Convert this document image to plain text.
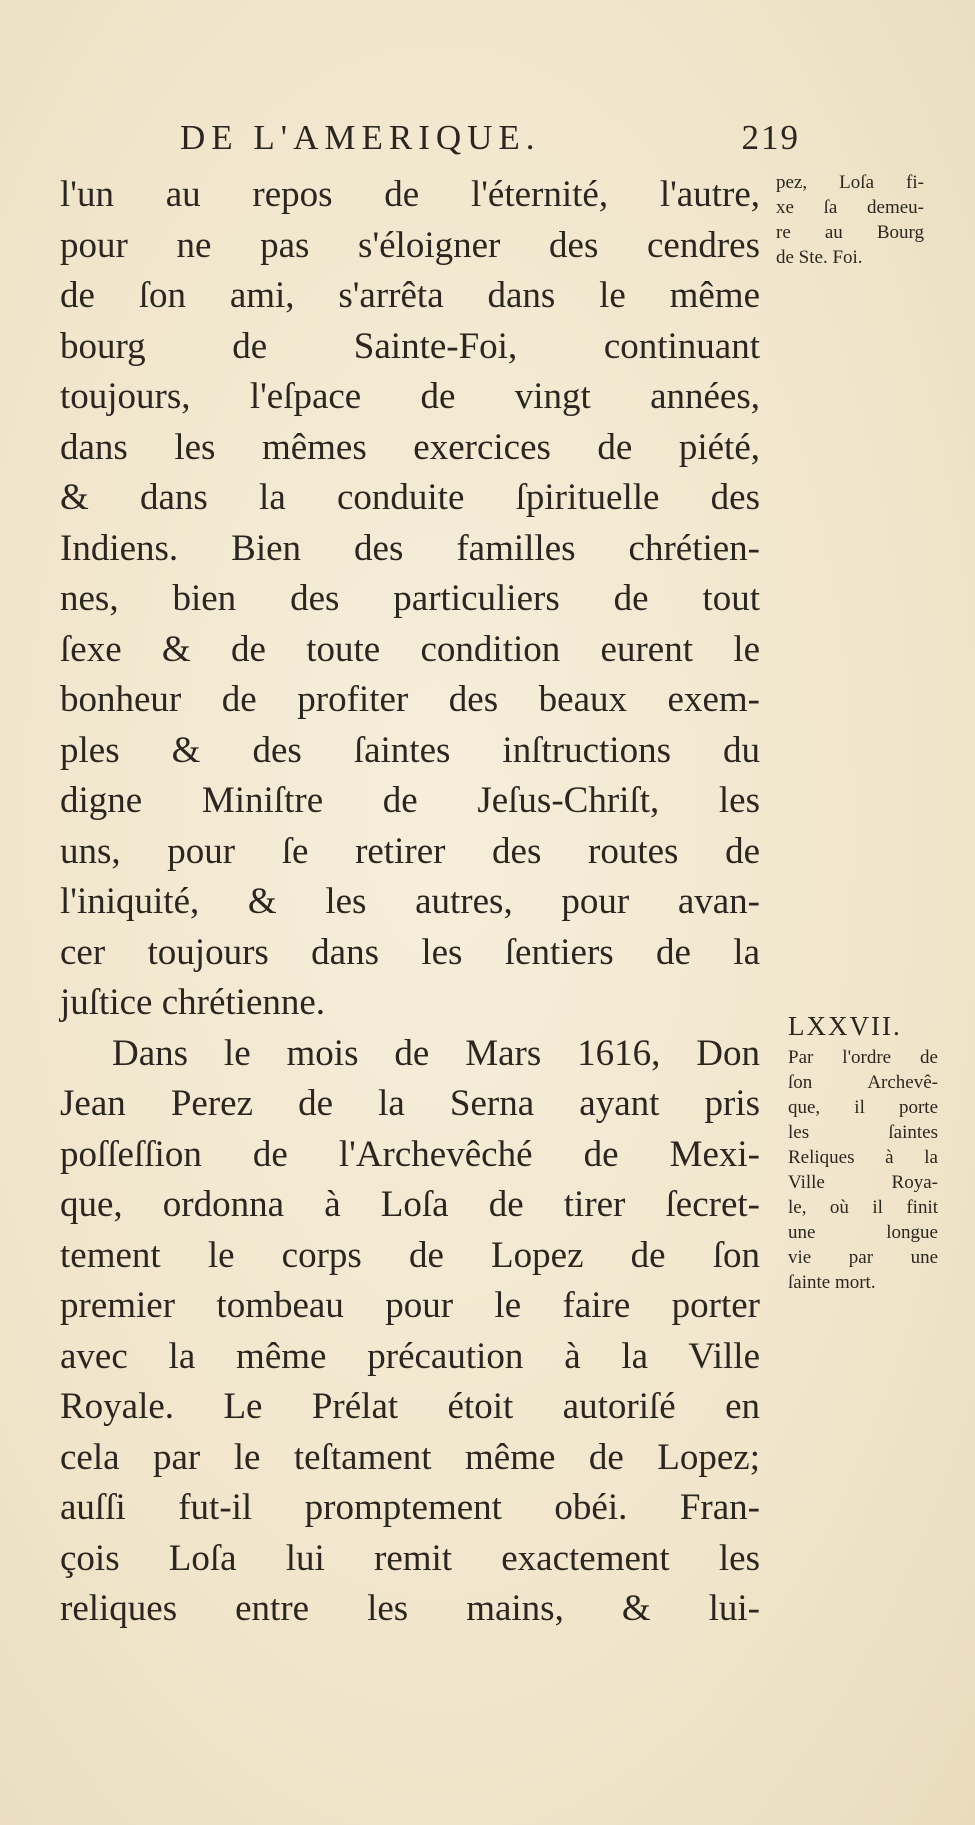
DE L'AMERIQUE.	219
l'un au repos de l'éternité, l'autre,
pour ne pas s'éloigner des cendres
de ſon ami, s'arrêta dans le même
bourg de Sainte-Foi, continuant
toujours, l'eſpace de vingt années,
dans les mêmes exercices de piété,
& dans la conduite ſpirituelle des
Indiens. Bien des familles chrétien-
nes, bien des particuliers de tout
ſexe & de toute condition eurent le
bonheur de profiter des beaux exem-
ples & des ſaintes inſtructions du
digne Miniſtre de Jeſus-Chriſt, les
uns, pour ſe retirer des routes de
l'iniquité, & les autres, pour avan-
cer toujours dans les ſentiers de la
juſtice chrétienne.
Dans le mois de Mars 1616, Don
Jean Perez de la Serna ayant pris
poſſeſſion de l'Archevêché de Mexi-
que, ordonna à Loſa de tirer ſecret-
tement le corps de Lopez de ſon
premier tombeau pour le faire porter
avec la même précaution à la Ville
Royale. Le Prélat étoit autoriſé en
cela par le teſtament même de Lopez;
auſſi fut-il promptement obéi. Fran-
çois Loſa lui remit exactement les
reliques entre les mains, & lui-
pez, Loſa fi-
xe ſa demeu-
re au Bourg
de Ste. Foi.
LXXVII.
Par l'ordre de
ſon Archevê-
que, il porte
les ſaintes
Reliques à la
Ville Roya-
le, où il finit
une longue
vie par une
ſainte mort.
